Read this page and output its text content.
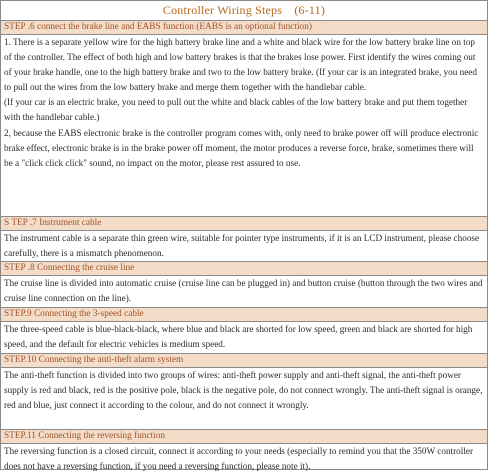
Controller Wiring Steps　(6-11)
STEP .6 connect the brake line and EABS function (EABS is an optional function)
1. There is a separate yellow wire for the high battery brake line and a white and black wire for the low battery brake line on top of the controller. The effect of both high and low battery brakes is that the brakes lose power. First identify the wires coming out of your brake handle, one to the high battery brake and two to the low battery brake. (If your car is an integrated brake, you need to pull out the wires from the low battery brake and merge them together with the handlebar cable.
(If your car is an electric brake, you need to pull out the white and black cables of the low battery brake and put them together with the handlebar cable.)
2, because the EABS electronic brake is the controller program comes with, only need to brake power off will produce electronic brake effect, electronic brake is in the brake power off moment, the motor produces a reverse force, brake, sometimes there will be a "click click click" sound, no impact on the motor, please rest assured to use.
S TEP .7 Instrument cable
The instrument cable is a separate thin green wire, suitable for pointer type instruments, if it is an LCD instrument, please choose carefully, there is a mismatch phenomenon.
STEP .8 Connecting the cruise line
The cruise line is divided into automatic cruise (cruise line can be plugged in) and button cruise (button through the two wires and cruise line connection on the line).
STEP.9 Connecting the 3-speed cable
The three-speed cable is blue-black-black, where blue and black are shorted for low speed, green and black are shorted for high speed, and the default for electric vehicles is medium speed.
STEP.10 Connecting the anti-theft alarm system
The anti-theft function is divided into two groups of wires: anti-theft power supply and anti-theft signal, the anti-theft power supply is red and black, red is the positive pole, black is the negative pole, do not connect wrongly. The anti-theft signal is orange, red and blue, just connect it according to the colour, and do not connect it wrongly.
STEP.11 Connecting the reversing function
The reversing function is a closed circuit, connect it according to your needs (especially to remind you that the 350W controller does not have a reversing function, if you need a reversing function, please note it).
